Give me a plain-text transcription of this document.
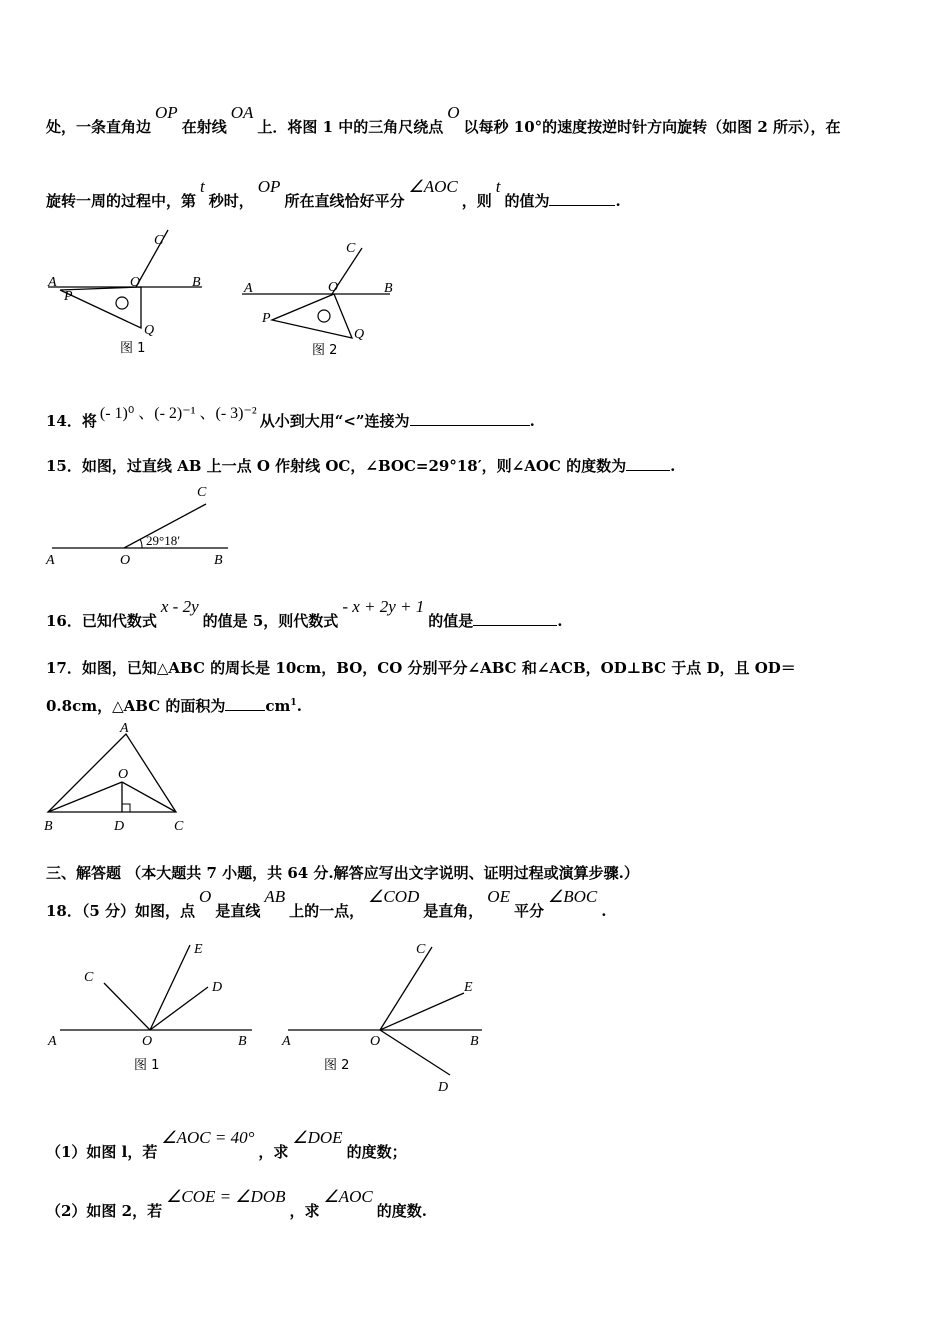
处，一条直角边OP在射线OA上．将图 1 中的三角尺绕点O以每秒 10°的速度按逆时针方向旋转（如图 2 所示），在
旋转一周的过程中，第t秒时，OP所在直线恰好平分∠AOC，则t的值为	.
A
P
O
C
B
Q
图 1
A
P
O
C
B
Q
图 2
14．将 (- 1)⁰ 、(- 2)⁻¹ 、(- 3)⁻² 从小到大用“<”连接为	.
15．如图，过直线 AB 上一点 O 作射线 OC，∠BOC=29°18′，则∠AOC 的度数为	.
C
A	O	B
29°18′
16．已知代数式x - 2y的值是 5，则代数式- x + 2y + 1的值是	.
17．如图，已知△ABC 的周长是 10cm，BO，CO 分别平分∠ABC 和∠ACB，OD⊥BC 于点 D，且 OD＝
0.8cm，△ABC 的面积为	$cm^1$.
A
O
B	D	C
三、解答题 （本大题共 7 小题，共 64 分.解答应写出文字说明、证明过程或演算步骤.）
18．（5 分）如图，点O是直线AB上的一点，∠COD是直角，OE平分∠BOC.
C
E
D
A	O	B
图 1
C
E
A	O	B
D
图 2
（1）如图 l，若∠AOC = 40°，求∠DOE的度数；
（2）如图 2，若∠COE = ∠DOB，求∠AOC的度数.
